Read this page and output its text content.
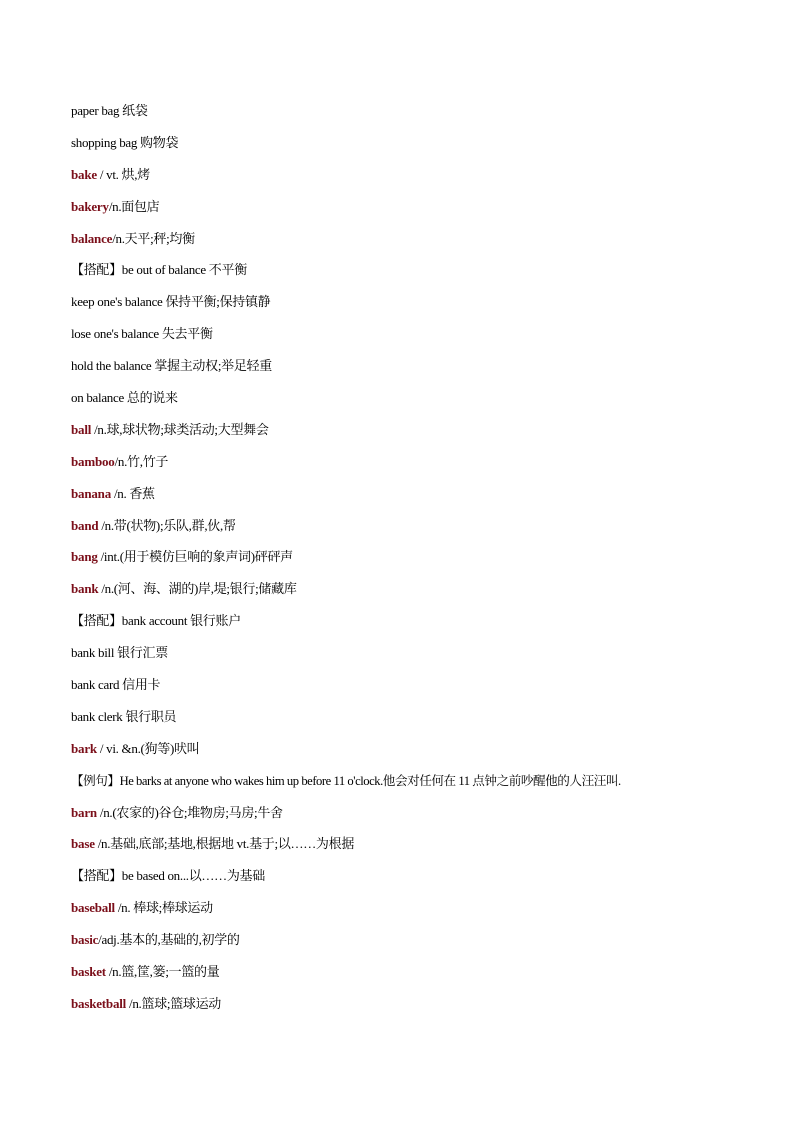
paper bag 纸袋
shopping bag 购物袋
bake / vt. 烘,烤
bakery/n.面包店
balance/n.天平;秤;均衡
【搭配】be out of balance 不平衡
keep one's balance 保持平衡;保持镇静
lose one's balance 失去平衡
hold the balance 掌握主动权;举足轻重
on balance 总的说来
ball /n.球,球状物;球类活动;大型舞会
bamboo/n.竹,竹子
banana /n. 香蕉
band /n.带(状物);乐队,群,伙,帮
bang /int.(用于模仿巨响的象声词)砰砰声
bank /n.(河、海、湖的)岸,堤;银行;储藏库
【搭配】bank account 银行账户
bank bill 银行汇票
bank card 信用卡
bank clerk 银行职员
bark / vi. &n.(狗等)吠叫
【例句】He barks at anyone who wakes him up before 11 o'clock.他会对任何在 11 点钟之前吵醒他的人汪汪叫.
barn /n.(农家的)谷仓;堆物房;马房;牛舍
base /n.基础,底部;基地,根据地 vt.基于;以……为根据
【搭配】be based on...以……为基础
baseball /n. 棒球;棒球运动
basic/adj.基本的,基础的,初学的
basket /n.篮,筐,篓;一篮的量
basketball /n.篮球;篮球运动
